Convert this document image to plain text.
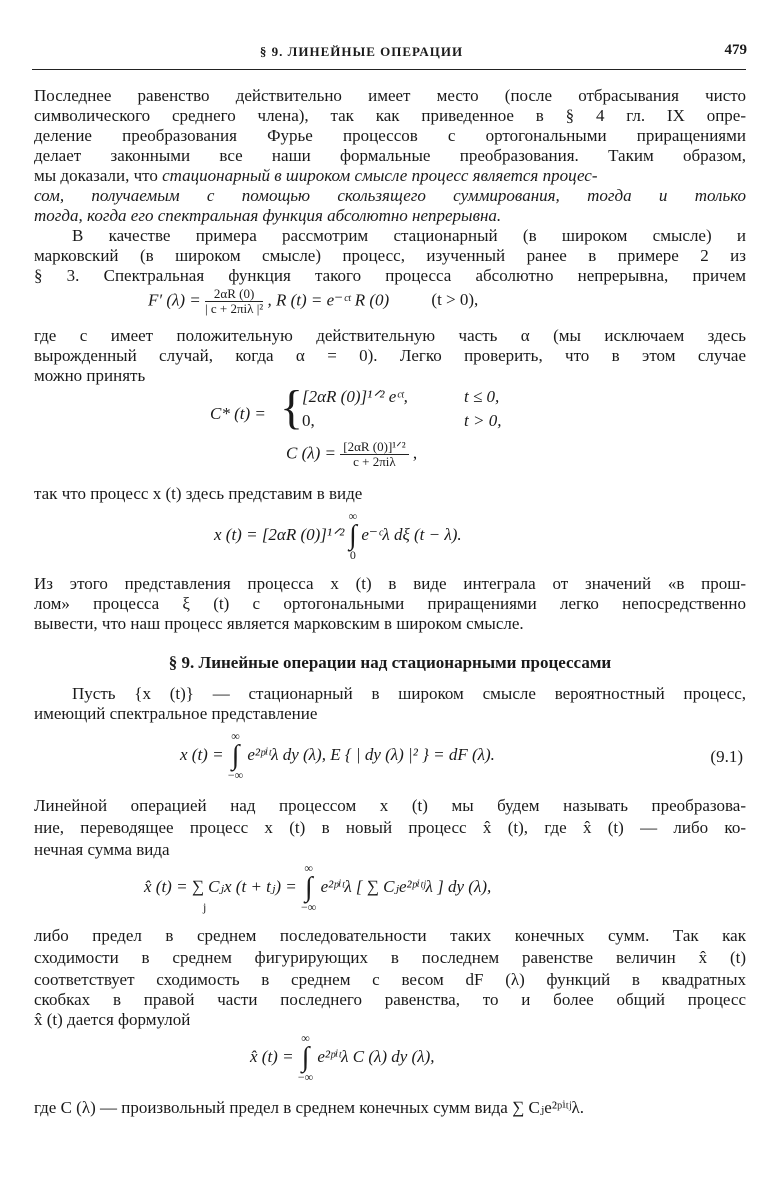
§ 9. ЛИНЕЙНЫЕ ОПЕРАЦИИ	479
Последнее равенство действительно имеет место (после отбрасывания чисто
символического среднего члена), так как приведенное в § 4 гл. IX опре-
деление преобразования Фурье процессов с ортогональными приращениями
делает законными все наши формальные преобразования. Таким образом,
мы доказали, что стационарный в широком смысле процесс является процес-
сом, получаемым с помощью скользящего суммирования, тогда и только
тогда, когда его спектральная функция абсолютно непрерывна.
В качестве примера рассмотрим стационарный (в широком смысле) и
марковский (в широком смысле) процесс, изученный ранее в примере 2 из
§ 3. Спектральная функция такого процесса абсолютно непрерывна, причем
F′ $(\lambda) = \frac{2\alpha R (0)}{\text{| c + 2πiλ |²}}$ , R (t) = e⁻ᶜᵗ R (0) (t > 0),
где c имеет положительную действительную часть α (мы исключаем здесь
вырожденный случай, когда α = 0). Легко проверить, что в этом случае
можно принять
C* (t) = {
[2αR (0)]¹ᐟ² eᶜᵗ,	t ≤ 0,
0,	t > 0,
C $(\lambda) = \frac{\text{[2αR (0)]¹ᐟ²}}{\text{c + 2πiλ}}$ ,
так что процесс x (t) здесь представим в виде
x (t) = [2αR (0)]¹ᐟ² ∞
∫
0 e⁻ᶜλ dξ (t − λ).
Из этого представления процесса x (t) в виде интеграла от значений «в прош-
лом» процесса ξ (t) с ортогональными приращениями легко непосредственно
вывести, что наш процесс является марковским в широком смысле.
§ 9. Линейные операции над стационарными процессами
Пусть {x (t)} — стационарный в широком смысле вероятностный процесс,
имеющий спектральное представление
x (t) = ∞
∫
−∞ e²ᵖⁱᵗλ dy (λ), E { | dy (λ) |² } = dF (λ).	(9.1)
Линейной операцией над процессом x (t) мы будем называть преобразова-
ние, переводящее процесс x (t) в новый процесс x̂ (t), где x̂ (t) — либо ко-
нечная сумма вида
x̂ (t) = ∑ Cⱼx (t + tⱼ) = ∞
∫
−∞ e²ᵖⁱᵗλ [ ∑ Cⱼe²ᵖⁱᵗʲλ ] dy (λ),
j
либо предел в среднем последовательности таких конечных сумм. Так как
сходимости в среднем фигурирующих в последнем равенстве величин x̂ (t)
соответствует сходимость в среднем с весом dF (λ) функций в квадратных
скобках в правой части последнего равенства, то и более общий процесс
x̂ (t) дается формулой
x̂ (t) = ∞
∫
−∞ e²ᵖⁱᵗλ C (λ) dy (λ),
где C (λ) — произвольный предел в среднем конечных сумм вида ∑ Cⱼe²ᵖⁱᵗʲλ.
